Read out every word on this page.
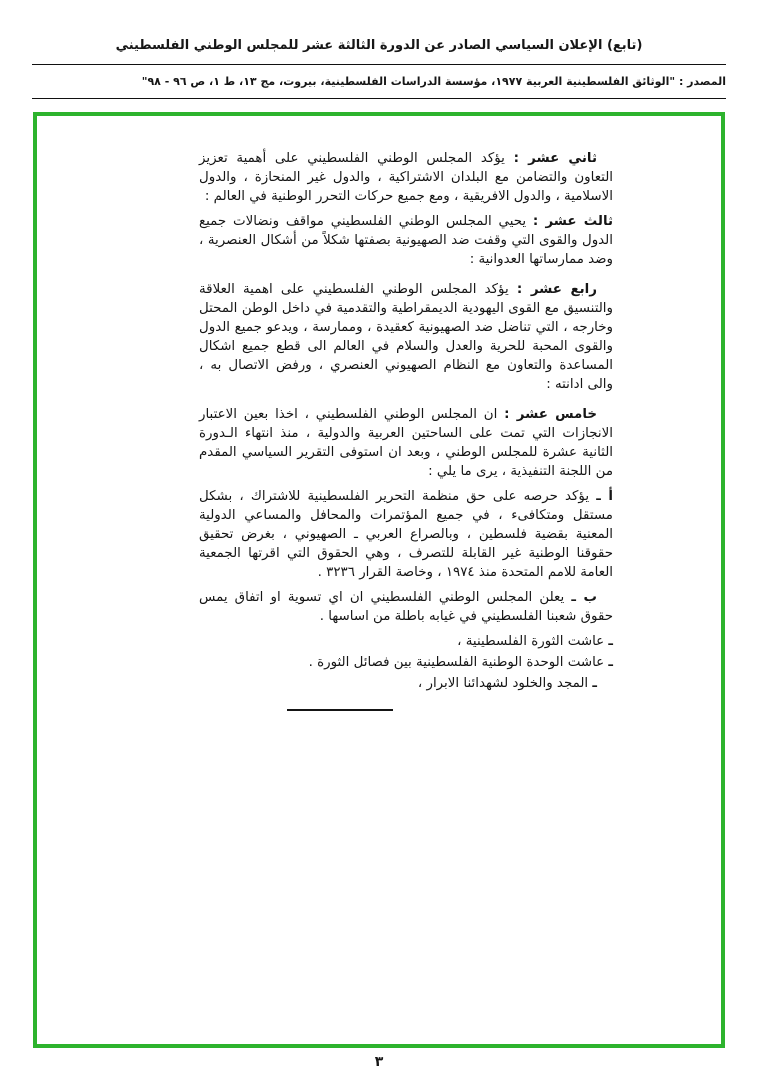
(تابع) الإعلان السياسي الصادر عن الدورة الثالثة عشر للمجلس الوطني الفلسطيني
المصدر : "الوثائق الفلسطينية العربية ١٩٧٧، مؤسسة الدراسات الفلسطينية، بيروت، مج ١٣، ط ١، ص ٩٦ - ٩٨"

ثاني عشر : يؤكد المجلس الوطني الفلسطيني على أهمية تعزيز التعاون والتضامن مع البلدان الاشتراكية ، والدول غير المنحازة ، والدول الاسلامية ، والدول الافريقية ، ومع جميع حركات التحرر الوطنية في العالم :

ثالث عشر : يحيي المجلس الوطني الفلسطيني مواقف ونضالات جميع الدول والقوى التي وقفت ضد الصهيونية بصفتها شكلاً من أشكال العنصرية ، وضد ممارساتها العدوانية :

رابع عشر : يؤكد المجلس الوطني الفلسطيني على اهمية العلاقة والتنسيق مع القوى اليهودية الديمقراطية والتقدمية في داخل الوطن المحتل وخارجه ، التي تناضل ضد الصهيونية كعقيدة ، وممارسة ، ويدعو جميع الدول والقوى المحبة للحرية والعدل والسلام في العالم الى قطع جميع اشكال المساعدة والتعاون مع النظام الصهيوني العنصري ، ورفض الاتصال به ، والى ادانته :

خامس عشر : ان المجلس الوطني الفلسطيني ، اخذا بعين الاعتبار الانجازات التي تمت على الساحتين العربية والدولية ، منذ انتهاء الـدورة الثانية عشرة للمجلس الوطني ، وبعد ان استوفى التقرير السياسي المقدم من اللجنة التنفيذية ، يرى ما يلي :

أ ـ يؤكد حرصه على حق منظمة التحرير الفلسطينية للاشتراك ، بشكل مستقل ومتكافىء ، في جميع المؤتمرات والمحافل والمساعي الدولية المعنية بقضية فلسطين ، وبالصراع العربي ـ الصهيوني ، بغرض تحقيق حقوقنا الوطنية غير القابلة للتصرف ، وهي الحقوق التي اقرتها الجمعية العامة للامم المتحدة منذ ١٩٧٤ ، وخاصة القرار ٣٢٣٦ .

ب ـ يعلن المجلس الوطني الفلسطيني ان اي تسوية او اتفاق يمس حقوق شعبنا الفلسطيني في غيابه باطلة من اساسها .

ـ عاشت الثورة الفلسطينية ،

ـ عاشت الوحدة الوطنية الفلسطينية بين فصائل الثورة .

ـ المجد والخلود لشهدائنا الابرار ،

٣
